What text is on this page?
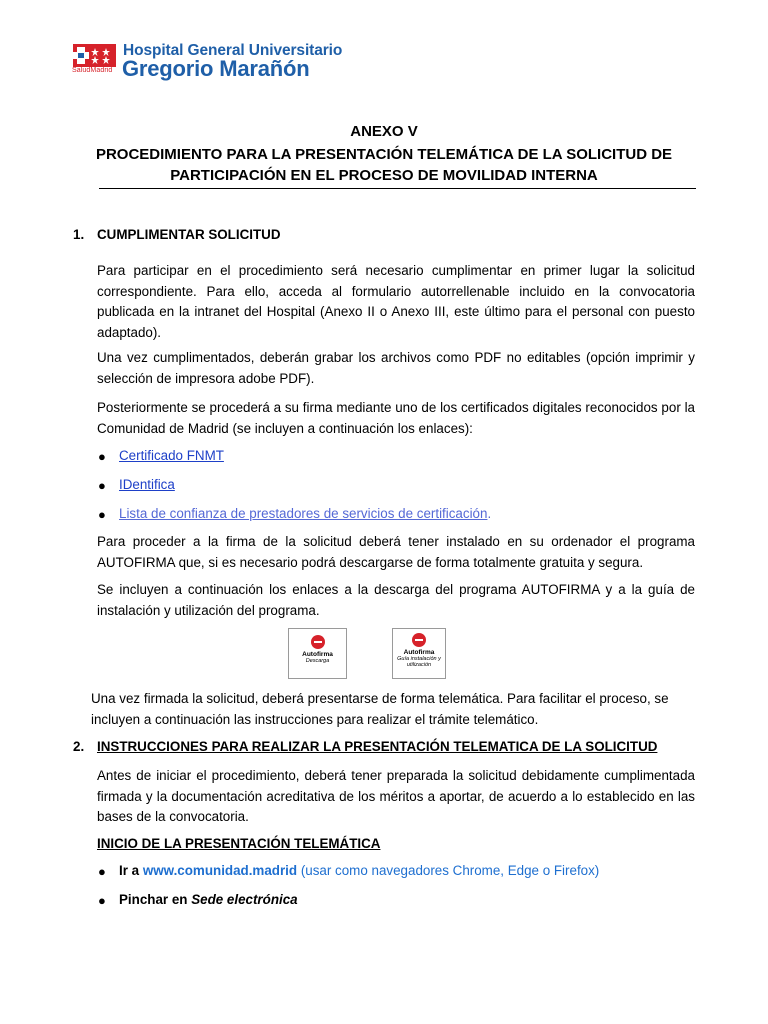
SaludMadrid
Hospital General Universitario
Gregorio Marañón
ANEXO V
PROCEDIMIENTO PARA LA PRESENTACIÓN TELEMÁTICA DE LA SOLICITUD DE
PARTICIPACIÓN EN EL PROCESO DE MOVILIDAD INTERNA
1. CUMPLIMENTAR SOLICITUD
Para participar en el procedimiento será necesario cumplimentar en primer lugar la solicitud correspondiente. Para ello, acceda al formulario autorrellenable incluido en la convocatoria publicada en la intranet del Hospital (Anexo II o Anexo III, este último para el personal con puesto adaptado).
Una vez cumplimentados, deberán grabar los archivos como PDF no editables (opción imprimir y selección de impresora adobe PDF).
Posteriormente se procederá a su firma mediante uno de los certificados digitales reconocidos por la Comunidad de Madrid (se incluyen a continuación los enlaces):
● Certificado FNMT
● IDentifica
● Lista de confianza de prestadores de servicios de certificación.
Para proceder a la firma de la solicitud deberá tener instalado en su ordenador el programa AUTOFIRMA que, si es necesario podrá descargarse de forma totalmente gratuita y segura.
Se incluyen a continuación los enlaces a la descarga del programa AUTOFIRMA y a la guía de instalación y utilización del programa.
Autofirma
Descarga
Autofirma
Guía instalación y utilización
Una vez firmada la solicitud, deberá presentarse de forma telemática. Para facilitar el proceso, se incluyen a continuación las instrucciones para realizar el trámite telemático.
2. INSTRUCCIONES PARA REALIZAR LA PRESENTACIÓN TELEMATICA DE LA SOLICITUD
Antes de iniciar el procedimiento, deberá tener preparada la solicitud debidamente cumplimentada firmada y la documentación acreditativa de los méritos a aportar, de acuerdo a lo establecido en las bases de la convocatoria.
INICIO DE LA PRESENTACIÓN TELEMÁTICA
● Ir a www.comunidad.madrid (usar como navegadores Chrome, Edge o Firefox)
● Pinchar en Sede electrónica
